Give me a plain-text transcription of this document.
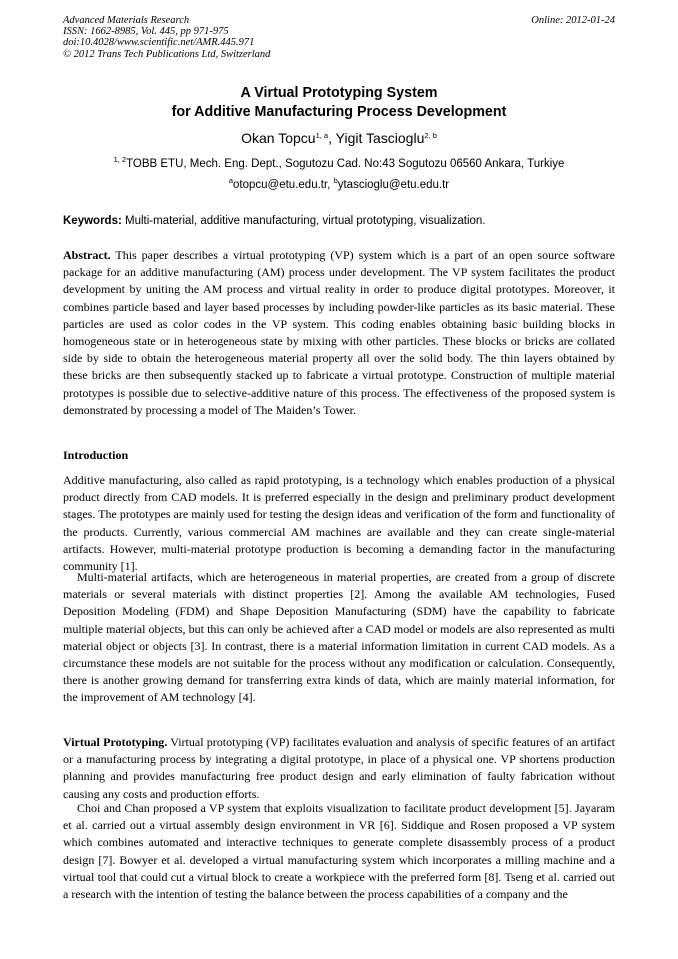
Advanced Materials Research
ISSN: 1662-8985, Vol. 445, pp 971-975
doi:10.4028/www.scientific.net/AMR.445.971
© 2012 Trans Tech Publications Ltd, Switzerland
Online: 2012-01-24
A Virtual Prototyping System
for Additive Manufacturing Process Development
Okan Topcu$^{1, a}$, Yigit Tascioglu$^{2, b}$
$^{1, 2}$TOBB ETU, Mech. Eng. Dept., Sogutozu Cad. No:43 Sogutozu 06560 Ankara, Turkiye
$^a$otopcu@etu.edu.tr, $^b$ytascioglu@etu.edu.tr
Keywords: Multi-material, additive manufacturing, virtual prototyping, visualization.
Abstract. This paper describes a virtual prototyping (VP) system which is a part of an open source software package for an additive manufacturing (AM) process under development. The VP system facilitates the product development by uniting the AM process and virtual reality in order to produce digital prototypes. Moreover, it combines particle based and layer based processes by including powder-like particles as its basic material. These particles are used as color codes in the VP system. This coding enables obtaining basic building blocks in homogeneous state or in heterogeneous state by mixing with other particles. These blocks or bricks are collated side by side to obtain the heterogeneous material property all over the solid body. The thin layers obtained by these bricks are then subsequently stacked up to fabricate a virtual prototype. Construction of multiple material prototypes is possible due to selective-additive nature of this process. The effectiveness of the proposed system is demonstrated by processing a model of The Maiden’s Tower.
Introduction
Additive manufacturing, also called as rapid prototyping, is a technology which enables production of a physical product directly from CAD models. It is preferred especially in the design and preliminary product development stages. The prototypes are mainly used for testing the design ideas and verification of the form and functionality of the products. Currently, various commercial AM machines are available and they can create single-material artifacts. However, multi-material prototype production is becoming a demanding factor in the manufacturing community [1].
Multi-material artifacts, which are heterogeneous in material properties, are created from a group of discrete materials or several materials with distinct properties [2]. Among the available AM technologies, Fused Deposition Modeling (FDM) and Shape Deposition Manufacturing (SDM) have the capability to fabricate multiple material objects, but this can only be achieved after a CAD model or models are also represented as multi material object or objects [3]. In contrast, there is a material information limitation in current CAD models. As a circumstance these models are not suitable for the process without any modification or calculation. Consequently, there is another growing demand for transferring extra kinds of data, which are mainly material information, for the improvement of AM technology [4].
Virtual Prototyping. Virtual prototyping (VP) facilitates evaluation and analysis of specific features of an artifact or a manufacturing process by integrating a digital prototype, in place of a physical one. VP shortens production planning and provides manufacturing free product design and early elimination of faulty fabrication without causing any costs and production efforts.
Choi and Chan proposed a VP system that exploits visualization to facilitate product development [5]. Jayaram et al. carried out a virtual assembly design environment in VR [6]. Siddique and Rosen proposed a VP system which combines automated and interactive techniques to generate complete disassembly process of a product design [7]. Bowyer et al. developed a virtual manufacturing system which incorporates a milling machine and a virtual tool that could cut a virtual block to create a workpiece with the preferred form [8]. Tseng et al. carried out a research with the intention of testing the balance between the process capabilities of a company and the
